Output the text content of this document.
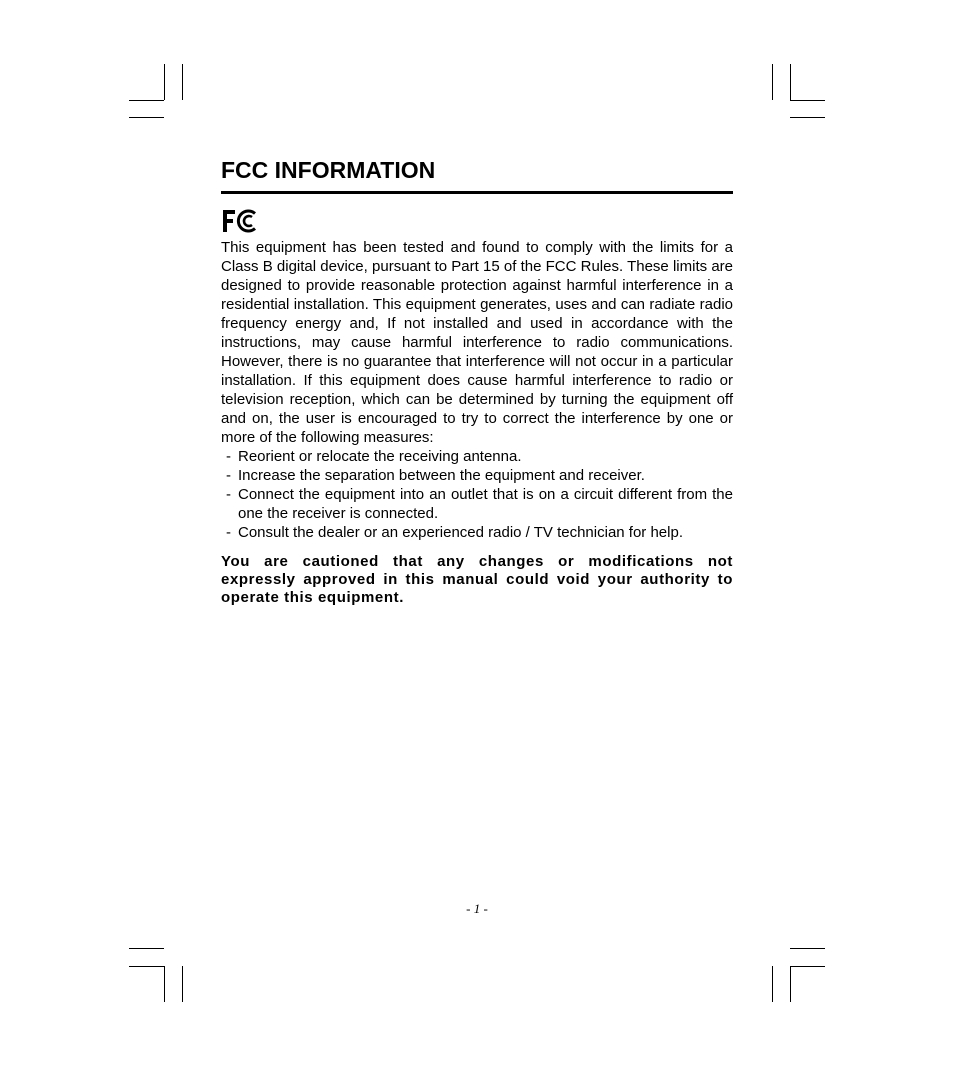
FCC INFORMATION

This equipment has been tested and found to comply with the limits for a Class B digital device, pursuant to Part 15 of the FCC Rules. These limits are designed to provide reasonable protection against harmful interference in a residential installation. This equipment generates, uses and can radiate radio frequency energy and, If not installed and used in accordance with the instructions, may cause harmful interference to radio communications. However, there is no guarantee that interference will not occur in a particular installation. If this equipment does cause harmful interference to radio or television reception, which can be determined by turning the equipment off and on, the user is encouraged to try to correct the interference by one or more of the following measures:

- Reorient or relocate the receiving antenna.
- Increase the separation between the equipment and receiver.
- Connect the equipment into an outlet that is on a circuit different from the one the receiver is connected.
- Consult the dealer or an experienced radio / TV technician for help.

You are cautioned that any changes or modifications not expressly approved in this manual could void your authority to operate this equipment.

- 1 -
